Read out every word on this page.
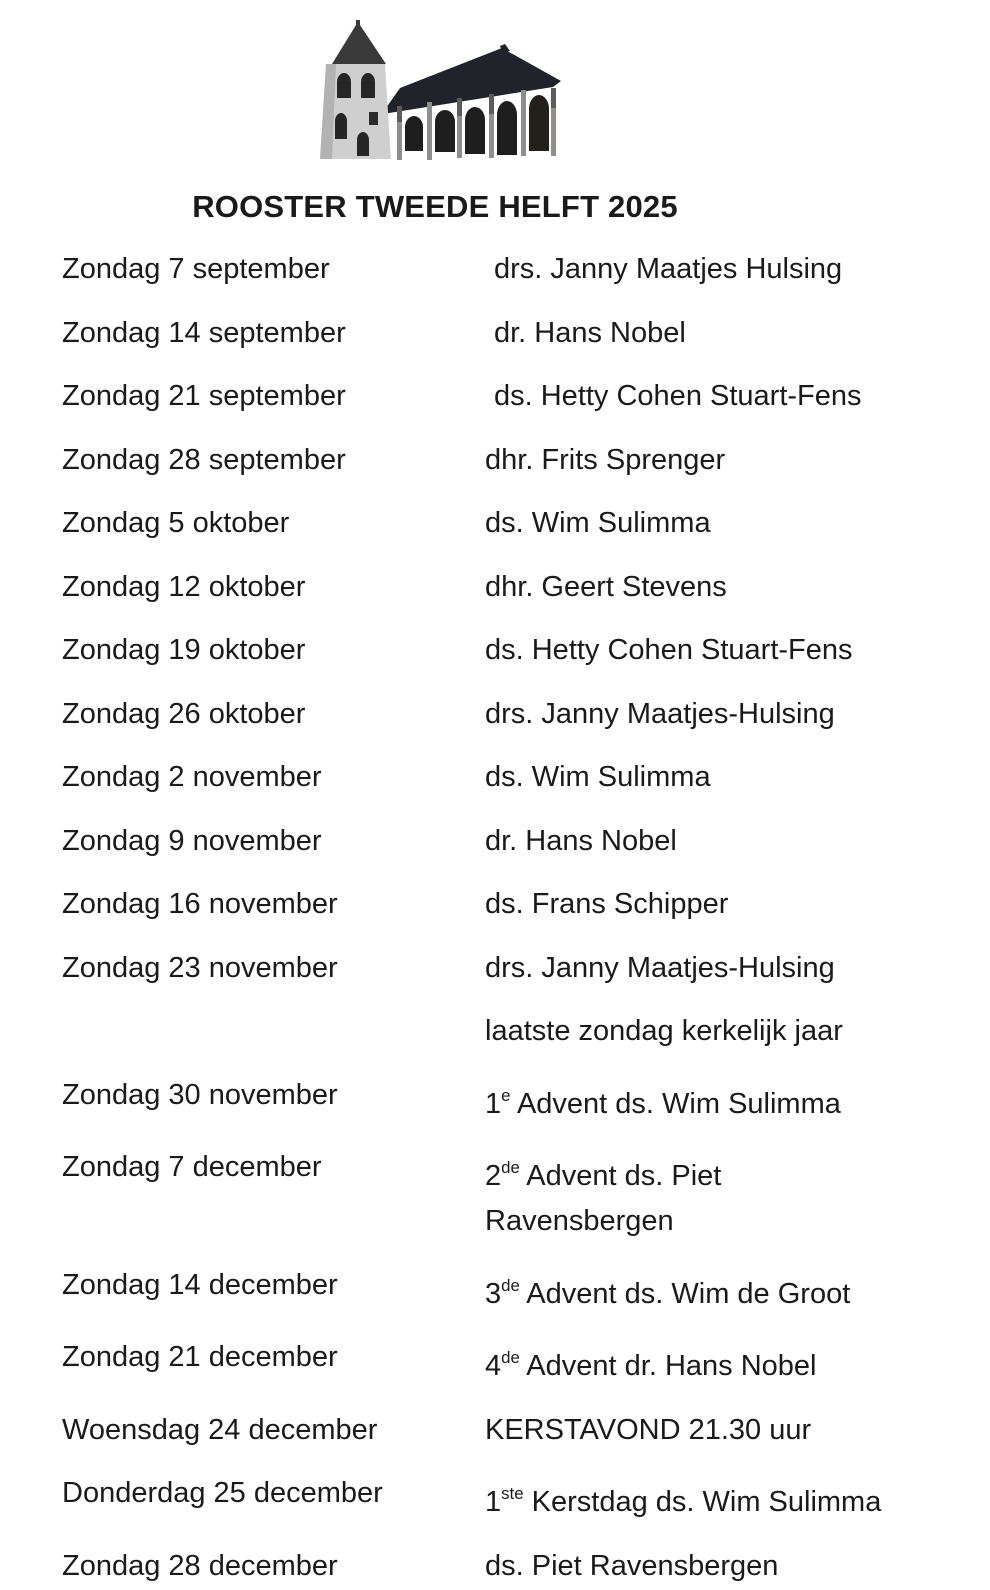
ROOSTER TWEEDE HELFT 2025
Zondag 7 september	drs. Janny Maatjes Hulsing
Zondag 14 september	dr. Hans Nobel
Zondag 21 september	ds. Hetty Cohen Stuart-Fens
Zondag 28 september	dhr. Frits Sprenger
Zondag 5 oktober	ds. Wim Sulimma
Zondag 12 oktober	dhr. Geert Stevens
Zondag 19 oktober	ds. Hetty Cohen Stuart-Fens
Zondag 26 oktober	drs. Janny Maatjes-Hulsing
Zondag 2 november	ds. Wim Sulimma
Zondag 9 november	dr. Hans Nobel
Zondag 16 november	ds. Frans Schipper
Zondag 23 november	drs. Janny Maatjes-Hulsing
laatste zondag kerkelijk jaar
Zondag 30 november	1e Advent ds. Wim Sulimma
Zondag 7 december	2de Advent ds. Piet
Ravensbergen
Zondag 14 december	3de Advent ds. Wim de Groot
Zondag 21 december	4de Advent dr. Hans Nobel
Woensdag 24 december	KERSTAVOND 21.30 uur
Donderdag 25 december	1ste Kerstdag ds. Wim Sulimma
Zondag 28 december	ds. Piet Ravensbergen
